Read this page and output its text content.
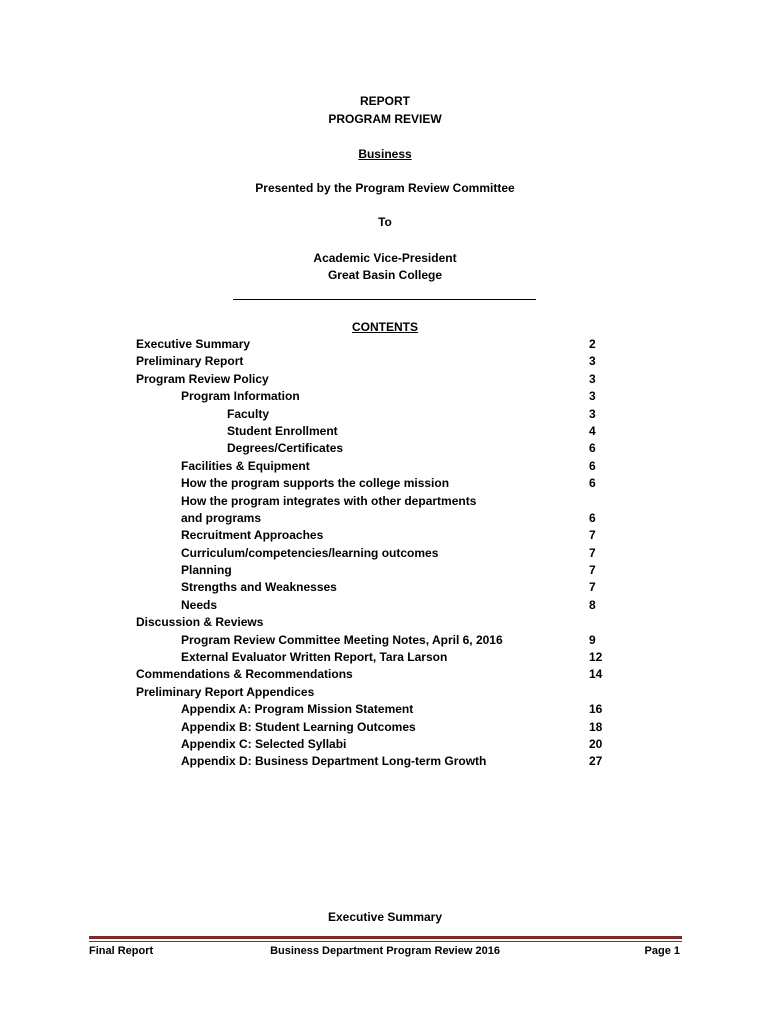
REPORT
PROGRAM REVIEW
Business
Presented by the Program Review Committee
To
Academic Vice-President
Great Basin College
CONTENTS
Executive Summary	2
Preliminary Report	3
Program Review Policy	3
Program Information	3
Faculty	3
Student Enrollment	4
Degrees/Certificates	6
Facilities & Equipment	6
How the program supports the college mission	6
How the program integrates with other departments
and programs	6
Recruitment Approaches	7
Curriculum/competencies/learning outcomes	7
Planning	7
Strengths and Weaknesses	7
Needs	8
Discussion & Reviews
Program Review Committee Meeting Notes, April 6, 2016	9
External Evaluator Written Report, Tara Larson	12
Commendations & Recommendations	14
Preliminary Report Appendices
Appendix A: Program Mission Statement	16
Appendix B: Student Learning Outcomes	18
Appendix C: Selected Syllabi	20
Appendix D: Business Department Long-term Growth	27
Executive Summary
Final Report	Business Department Program Review 2016	Page 1
